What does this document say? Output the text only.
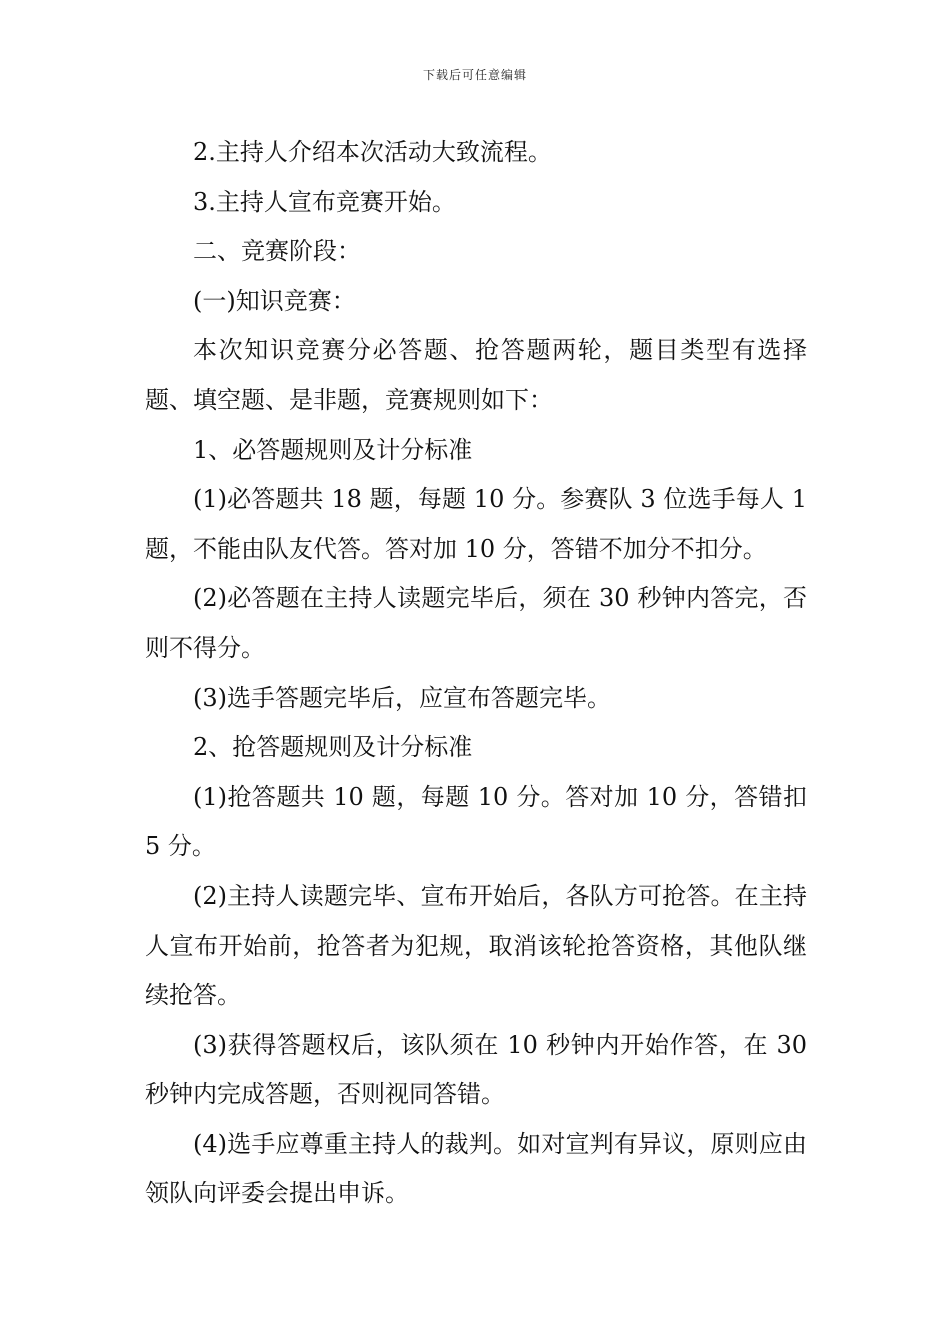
下载后可任意编辑

2.主持人介绍本次活动大致流程。

3.主持人宣布竞赛开始。

二、竞赛阶段：

(一)知识竞赛：

本次知识竞赛分必答题、抢答题两轮，题目类型有选择题、填空题、是非题，竞赛规则如下：

1、必答题规则及计分标准

(1)必答题共 18 题，每题 10 分。参赛队 3 位选手每人 1 题，不能由队友代答。答对加 10 分，答错不加分不扣分。

(2)必答题在主持人读题完毕后，须在 30 秒钟内答完，否则不得分。

(3)选手答题完毕后，应宣布答题完毕。

2、抢答题规则及计分标准

(1)抢答题共 10 题，每题 10 分。答对加 10 分，答错扣 5 分。

(2)主持人读题完毕、宣布开始后，各队方可抢答。在主持人宣布开始前，抢答者为犯规，取消该轮抢答资格，其他队继续抢答。

(3)获得答题权后，该队须在 10 秒钟内开始作答，在 30 秒钟内完成答题，否则视同答错。

(4)选手应尊重主持人的裁判。如对宣判有异议，原则应由领队向评委会提出申诉。
